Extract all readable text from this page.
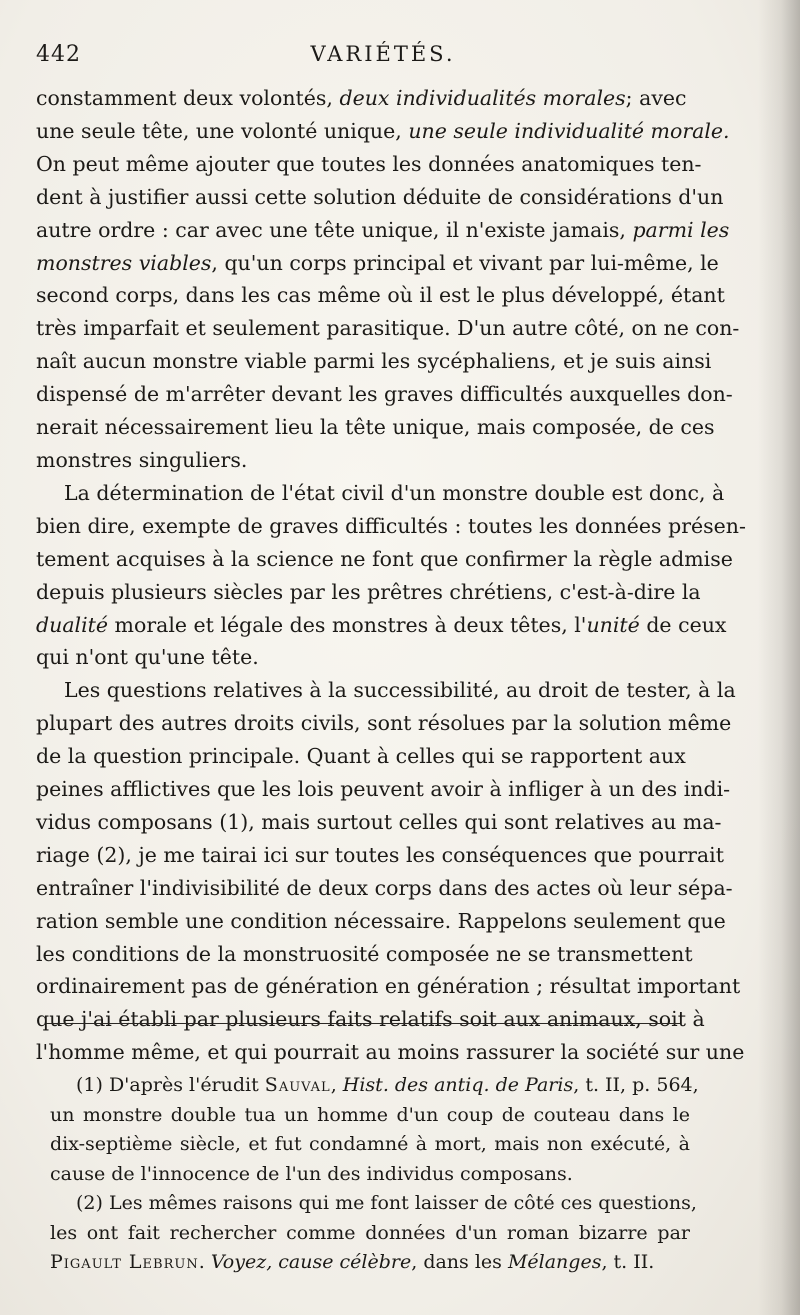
442	VARIÉTÉS.
constamment deux volontés, deux individualités morales; avec
une seule tête, une volonté unique, une seule individualité morale.
On peut même ajouter que toutes les données anatomiques ten-
dent à justifier aussi cette solution déduite de considérations d'un
autre ordre : car avec une tête unique, il n'existe jamais, parmi les
monstres viables, qu'un corps principal et vivant par lui-même, le
second corps, dans les cas même où il est le plus développé, étant
très imparfait et seulement parasitique. D'un autre côté, on ne con-
naît aucun monstre viable parmi les sycéphaliens, et je suis ainsi
dispensé de m'arrêter devant les graves difficultés auxquelles don-
nerait nécessairement lieu la tête unique, mais composée, de ces
monstres singuliers.
La détermination de l'état civil d'un monstre double est donc, à
bien dire, exempte de graves difficultés : toutes les données présen-
tement acquises à la science ne font que confirmer la règle admise
depuis plusieurs siècles par les prêtres chrétiens, c'est-à-dire la
dualité morale et légale des monstres à deux têtes, l'unité de ceux
qui n'ont qu'une tête.
Les questions relatives à la successibilité, au droit de tester, à la
plupart des autres droits civils, sont résolues par la solution même
de la question principale. Quant à celles qui se rapportent aux
peines afflictives que les lois peuvent avoir à infliger à un des indi-
vidus composans (1), mais surtout celles qui sont relatives au ma-
riage (2), je me tairai ici sur toutes les conséquences que pourrait
entraîner l'indivisibilité de deux corps dans des actes où leur sépa-
ration semble une condition nécessaire. Rappelons seulement que
les conditions de la monstruosité composée ne se transmettent
ordinairement pas de génération en génération ; résultat important
que j'ai établi par plusieurs faits relatifs soit aux animaux, soit à
l'homme même, et qui pourrait au moins rassurer la société sur une
(1) D'après l'érudit Sauval, Hist. des antiq. de Paris, t. II, p. 564,
un monstre double tua un homme d'un coup de couteau dans le
dix-septième siècle, et fut condamné à mort, mais non exécuté, à
cause de l'innocence de l'un des individus composans.
(2) Les mêmes raisons qui me font laisser de côté ces questions,
les ont fait rechercher comme données d'un roman bizarre par
Pigault Lebrun. Voyez, cause célèbre, dans les Mélanges, t. II.
